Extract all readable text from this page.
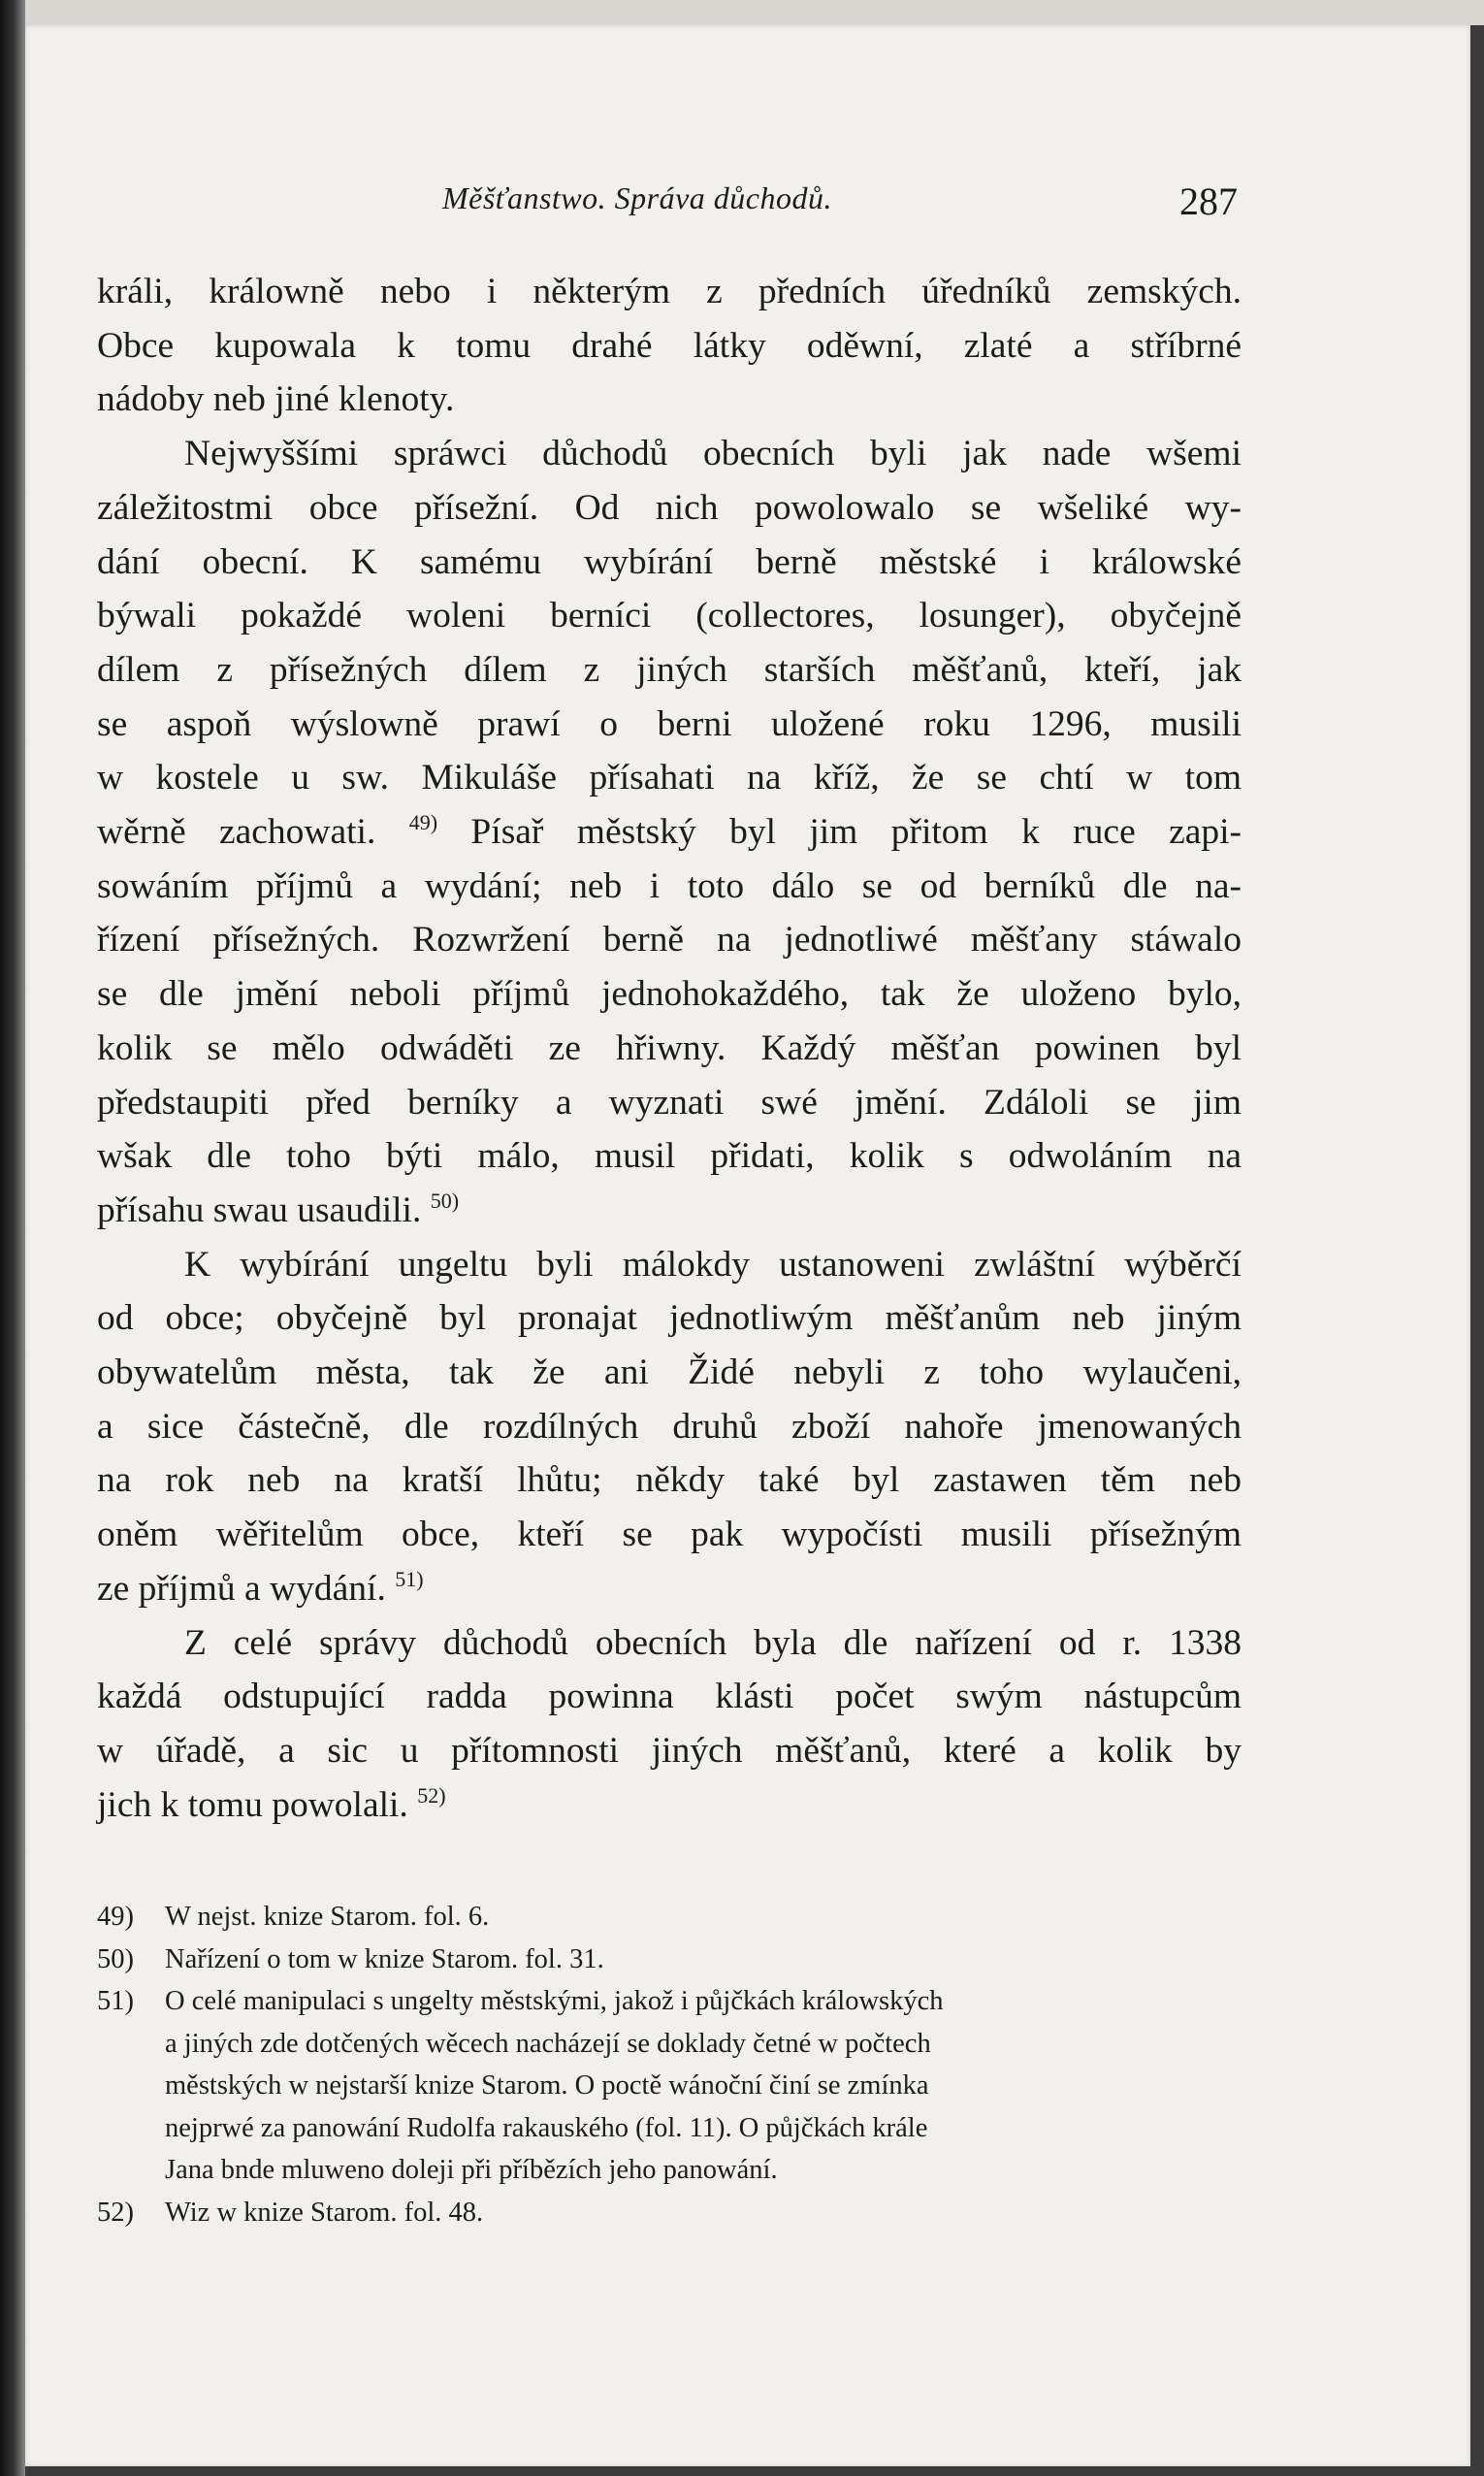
Měšťanstwo. Správa důchodů.	287

králi, králowně nebo i některým z předních úředníků zemských.
Obce kupowala k tomu drahé látky oděwní, zlaté a stříbrné
nádoby neb jiné klenoty.

Nejwyššími spráwci důchodů obecních byli jak nade wšemi
záležitostmi obce přísežní. Od nich powolowalo se wšeliké wy-
dání obecní. K samému wybírání berně městské i králowské
býwali pokaždé woleni berníci (collectores, losunger), obyčejně
dílem z přísežných dílem z jiných starších měšťanů, kteří, jak
se aspoň wýslowně prawí o berni uložené roku 1296, musili
w kostele u sw. Mikuláše přísahati na kříž, že se chtí w tom
wěrně zachowati. $^{49)}$ Písař městský byl jim přitom k ruce zapi-
sowáním příjmů a wydání; neb i toto dálo se od berníků dle na-
řízení přísežných. Rozwržení berně na jednotliwé měšťany stáwalo
se dle jmění neboli příjmů jednohokaždého, tak že uloženo bylo,
kolik se mělo odwáděti ze hřiwny. Každý měšťan powinen byl
předstaupiti před berníky a wyznati swé jmění. Zdáloli se jim
wšak dle toho býti málo, musil přidati, kolik s odwoláním na
přísahu swau usaudili. $^{50)}$

K wybírání ungeltu byli málokdy ustanoweni zwláštní wýběrčí
od obce; obyčejně byl pronajat jednotliwým měšťanům neb jiným
obywatelům města, tak že ani Židé nebyli z toho wylaučeni,
a sice částečně, dle rozdílných druhů zboží nahoře jmenowaných
na rok neb na kratší lhůtu; někdy také byl zastawen těm neb
oněm wěřitelům obce, kteří se pak wypočísti musili přísežným
ze příjmů a wydání. $^{51)}$

Z celé správy důchodů obecních byla dle nařízení od r. 1338
každá odstupující radda powinna klásti počet swým nástupcům
w úřadě, a sic u přítomnosti jiných měšťanů, které a kolik by
jich k tomu powolali. $^{52)}$

49) W nejst. knize Starom. fol. 6.
50) Nařízení o tom w knize Starom. fol. 31.
51) O celé manipulaci s ungelty městskými, jakož i půjčkách králowských
a jiných zde dotčených wěcech nacházejí se doklady četné w počtech
městských w nejstarší knize Starom. O poctě wánoční činí se zmínka
nejprwé za panowání Rudolfa rakauského (fol. 11). O půjčkách krále
Jana bnde mluweno doleji při příbězích jeho panowání.
52) Wiz w knize Starom. fol. 48.
